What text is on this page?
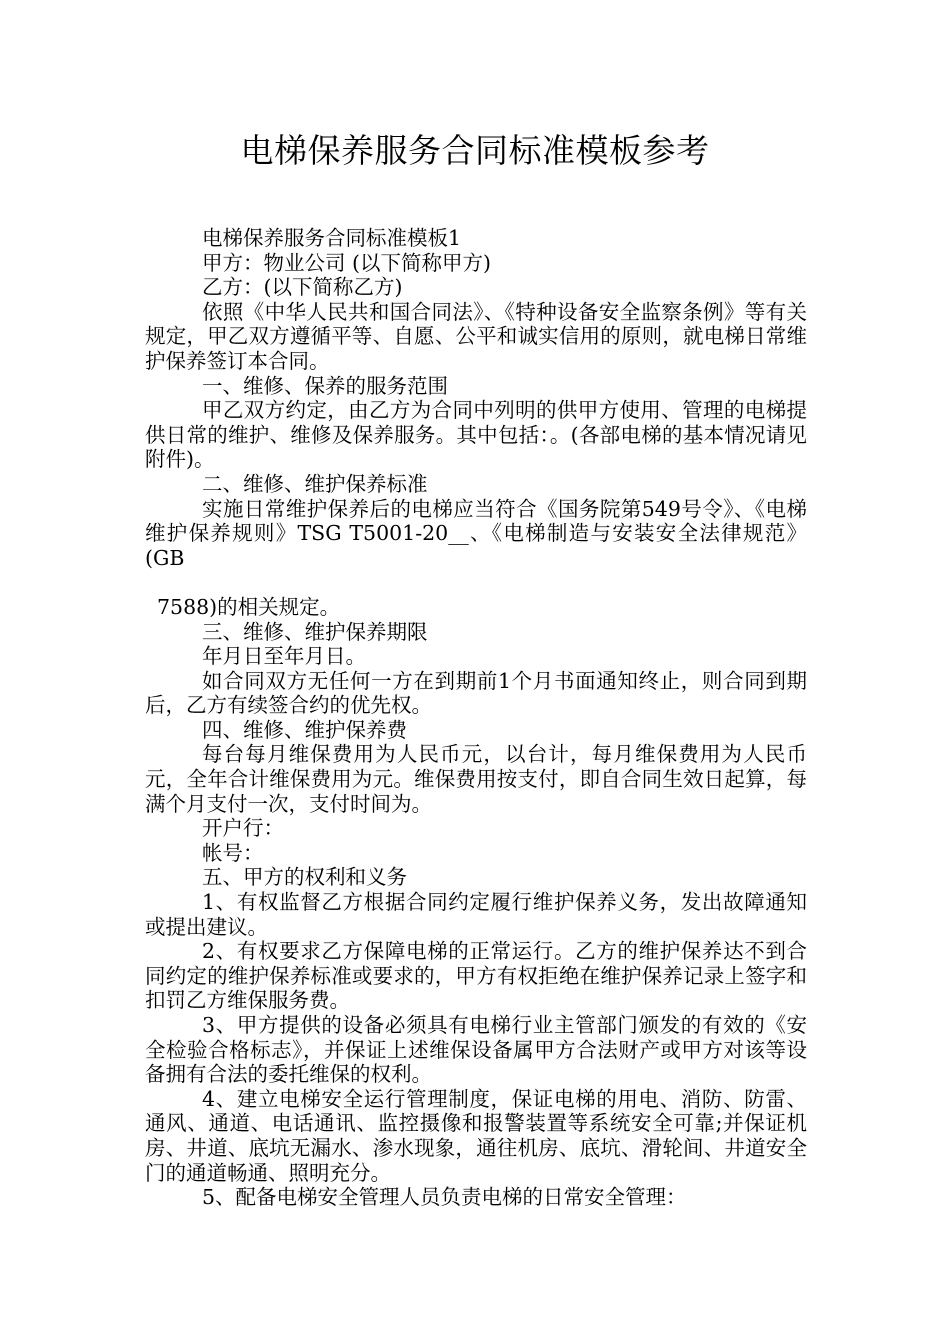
电梯保养服务合同标准模板参考

电梯保养服务合同标准模板1

甲方：物业公司 (以下简称甲方)

乙方：(以下简称乙方)

依照《中华人民共和国合同法》、《特种设备安全监察条例》等有关规定，甲乙双方遵循平等、自愿、公平和诚实信用的原则，就电梯日常维护保养签订本合同。

一、维修、保养的服务范围

甲乙双方约定，由乙方为合同中列明的供甲方使用、管理的电梯提供日常的维护、维修及保养服务。其中包括：。(各部电梯的基本情况请见附件)。

二、维修、维护保养标准

实施日常维护保养后的电梯应当符合《国务院第549号令》、《电梯维护保养规则》TSG T5001-20__、《电梯制造与安装安全法律规范》(GB

7588)的相关规定。

三、维修、维护保养期限

年月日至年月日。

如合同双方无任何一方在到期前1个月书面通知终止，则合同到期后，乙方有续签合约的优先权。

四、维修、维护保养费

每台每月维保费用为人民币元，以台计，每月维保费用为人民币元，全年合计维保费用为元。维保费用按支付，即自合同生效日起算，每满个月支付一次，支付时间为。

开户行：

帐号：

五、甲方的权利和义务

1、有权监督乙方根据合同约定履行维护保养义务，发出故障通知或提出建议。

2、有权要求乙方保障电梯的正常运行。乙方的维护保养达不到合同约定的维护保养标准或要求的，甲方有权拒绝在维护保养记录上签字和扣罚乙方维保服务费。

3、甲方提供的设备必须具有电梯行业主管部门颁发的有效的《安全检验合格标志》，并保证上述维保设备属甲方合法财产或甲方对该等设备拥有合法的委托维保的权利。

4、建立电梯安全运行管理制度，保证电梯的用电、消防、防雷、通风、通道、电话通讯、监控摄像和报警装置等系统安全可靠;并保证机房、井道、底坑无漏水、渗水现象，通往机房、底坑、滑轮间、井道安全门的通道畅通、照明充分。

5、配备电梯安全管理人员负责电梯的日常安全管理：
